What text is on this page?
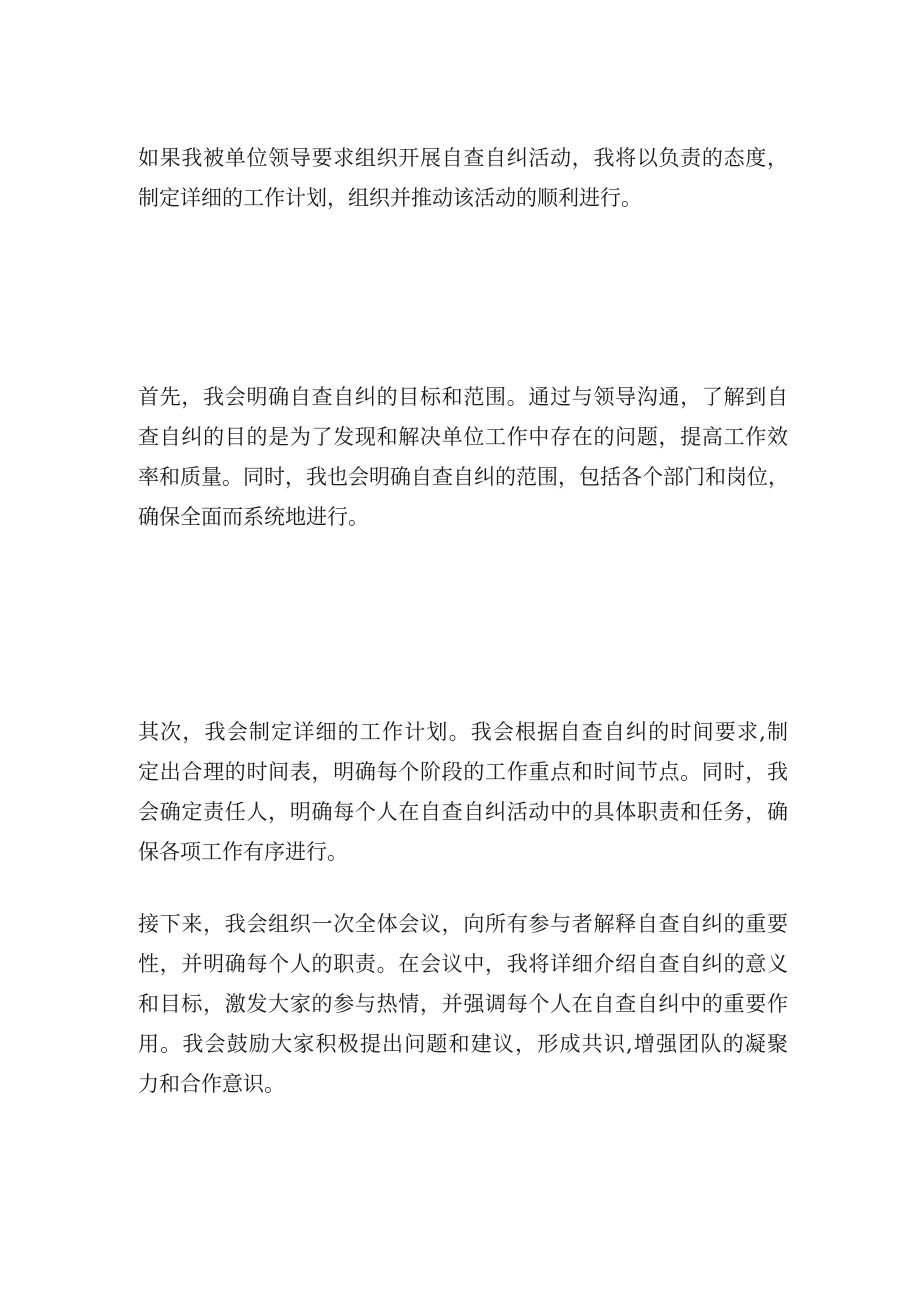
如果我被单位领导要求组织开展自查自纠活动，我将以负责的态度，
制定详细的工作计划，组织并推动该活动的顺利进行。
首先，我会明确自查自纠的目标和范围。通过与领导沟通，了解到自
查自纠的目的是为了发现和解决单位工作中存在的问题，提高工作效
率和质量。同时，我也会明确自查自纠的范围，包括各个部门和岗位，
确保全面而系统地进行。
其次，我会制定详细的工作计划。我会根据自查自纠的时间要求,制
定出合理的时间表，明确每个阶段的工作重点和时间节点。同时，我
会确定责任人，明确每个人在自查自纠活动中的具体职责和任务，确
保各项工作有序进行。
接下来，我会组织一次全体会议，向所有参与者解释自查自纠的重要
性，并明确每个人的职责。在会议中，我将详细介绍自查自纠的意义
和目标，激发大家的参与热情，并强调每个人在自查自纠中的重要作
用。我会鼓励大家积极提出问题和建议，形成共识,增强团队的凝聚
力和合作意识。
